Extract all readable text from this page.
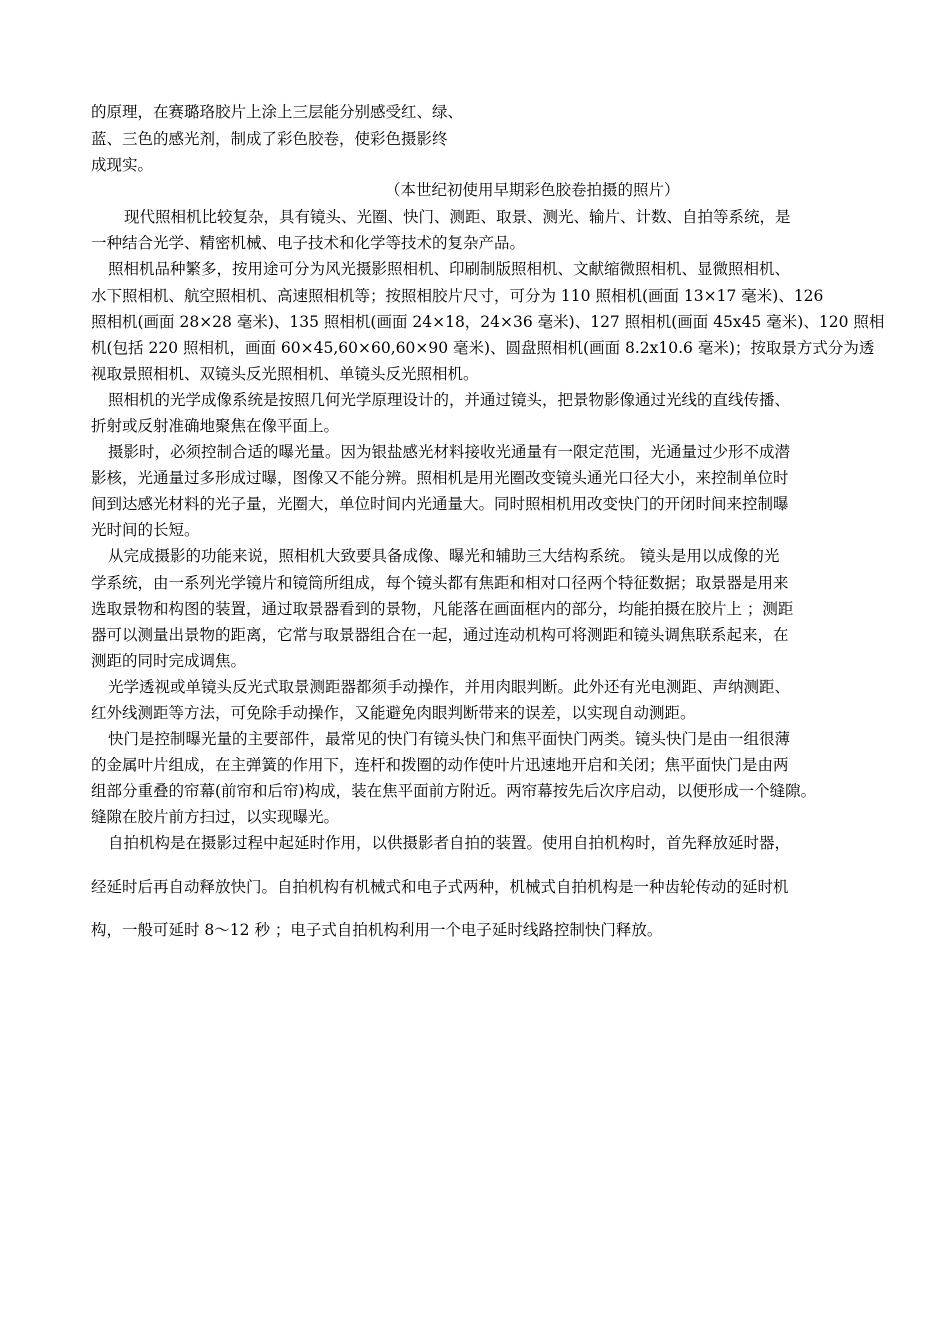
的原理，在赛璐珞胶片上涂上三层能分别感受红、绿、
蓝、三色的感光剂，制成了彩色胶卷，使彩色摄影终
成现实。
（本世纪初使用早期彩色胶卷拍摄的照片）
现代照相机比较复杂，具有镜头、光圈、快门、测距、取景、测光、输片、计数、自拍等系统，是
一种结合光学、精密机械、电子技术和化学等技术的复杂产品。
照相机品种繁多，按用途可分为风光摄影照相机、印刷制版照相机、文献缩微照相机、显微照相机、
水下照相机、航空照相机、高速照相机等；按照相胶片尺寸，可分为 110 照相机(画面 13×17 毫米)、126
照相机(画面 28×28 毫米)、135 照相机(画面 24×18，24×36 毫米)、127 照相机(画面 45x45 毫米)、120 照相
机(包括 220 照相机，画面 60×45,60×60,60×90 毫米)、圆盘照相机(画面 8.2x10.6 毫米)；按取景方式分为透
视取景照相机、双镜头反光照相机、单镜头反光照相机。
照相机的光学成像系统是按照几何光学原理设计的，并通过镜头，把景物影像通过光线的直线传播、
折射或反射准确地聚焦在像平面上。
摄影时，必须控制合适的曝光量。因为银盐感光材料接收光通量有一限定范围，光通量过少形不成潜
影核，光通量过多形成过曝，图像又不能分辨。照相机是用光圈改变镜头通光口径大小，来控制单位时
间到达感光材料的光子量，光圈大，单位时间内光通量大。同时照相机用改变快门的开闭时间来控制曝
光时间的长短。
从完成摄影的功能来说，照相机大致要具备成像、曝光和辅助三大结构系统。 镜头是用以成像的光
学系统，由一系列光学镜片和镜筒所组成，每个镜头都有焦距和相对口径两个特征数据；取景器是用来
选取景物和构图的装置，通过取景器看到的景物，凡能落在画面框内的部分，均能拍摄在胶片上 ；测距
器可以测量出景物的距离，它常与取景器组合在一起，通过连动机构可将测距和镜头调焦联系起来，在
测距的同时完成调焦。
光学透视或单镜头反光式取景测距器都须手动操作，并用肉眼判断。此外还有光电测距、声纳测距、
红外线测距等方法，可免除手动操作，又能避免肉眼判断带来的误差，以实现自动测距。
快门是控制曝光量的主要部件，最常见的快门有镜头快门和焦平面快门两类。镜头快门是由一组很薄
的金属叶片组成，在主弹簧的作用下，连杆和拨圈的动作使叶片迅速地开启和关闭；焦平面快门是由两
组部分重叠的帘幕(前帘和后帘)构成，装在焦平面前方附近。两帘幕按先后次序启动，以便形成一个缝隙。
缝隙在胶片前方扫过，以实现曝光。
自拍机构是在摄影过程中起延时作用，以供摄影者自拍的装置。使用自拍机构时，首先释放延时器，
经延时后再自动释放快门。自拍机构有机械式和电子式两种，机械式自拍机构是一种齿轮传动的延时机
构，一般可延时 8～12 秒 ；电子式自拍机构利用一个电子延时线路控制快门释放。
